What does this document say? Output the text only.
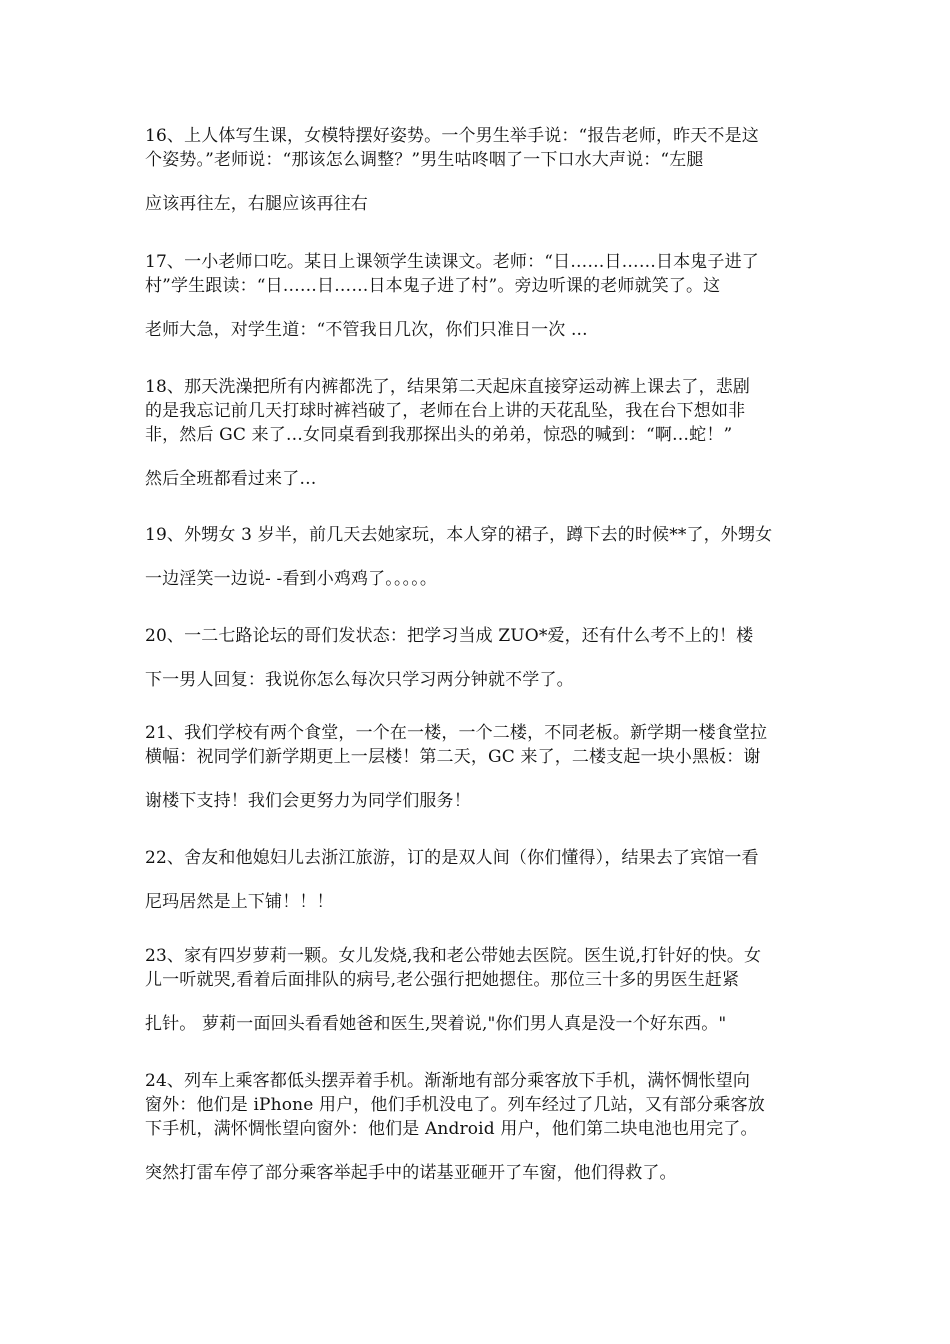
16、上人体写生课，女模特摆好姿势。一个男生举手说：“报告老师，昨天不是这
个姿势。”老师说：“那该怎么调整？”男生咕咚咽了一下口水大声说：“左腿
应该再往左，右腿应该再往右
17、一小老师口吃。某日上课领学生读课文。老师：“日……日……日本鬼子进了
村”学生跟读：“日……日……日本鬼子进了村”。旁边听课的老师就笑了。这
老师大急，对学生道：“不管我日几次，你们只准日一次 ...
18、那天洗澡把所有内裤都洗了，结果第二天起床直接穿运动裤上课去了，悲剧
的是我忘记前几天打球时裤裆破了，老师在台上讲的天花乱坠，我在台下想如非
非，然后 GC 来了…女同桌看到我那探出头的弟弟，惊恐的喊到：“啊…蛇！”
然后全班都看过来了…
19、外甥女 3 岁半，前几天去她家玩，本人穿的裙子，蹲下去的时候**了，外甥女
一边淫笑一边说- -看到小鸡鸡了。。。。。
20、一二七路论坛的哥们发状态：把学习当成 ZUO*爱，还有什么考不上的！楼
下一男人回复：我说你怎么每次只学习两分钟就不学了。
21、我们学校有两个食堂，一个在一楼，一个二楼，不同老板。新学期一楼食堂拉
横幅：祝同学们新学期更上一层楼！第二天，GC 来了，二楼支起一块小黑板：谢
谢楼下支持！我们会更努力为同学们服务！
22、舍友和他媳妇儿去浙江旅游，订的是双人间（你们懂得），结果去了宾馆一看
尼玛居然是上下铺！！！
23、家有四岁萝莉一颗。女儿发烧,我和老公带她去医院。医生说,打针好的快。女
儿一听就哭,看着后面排队的病号,老公强行把她摁住。那位三十多的男医生赶紧
扎针。 萝莉一面回头看看她爸和医生,哭着说,"你们男人真是没一个好东西。"
24、列车上乘客都低头摆弄着手机。渐渐地有部分乘客放下手机，满怀惆怅望向
窗外：他们是 iPhone 用户，他们手机没电了。列车经过了几站，又有部分乘客放
下手机，满怀惆怅望向窗外：他们是 Android 用户，他们第二块电池也用完了。
突然打雷车停了部分乘客举起手中的诺基亚砸开了车窗，他们得救了。
